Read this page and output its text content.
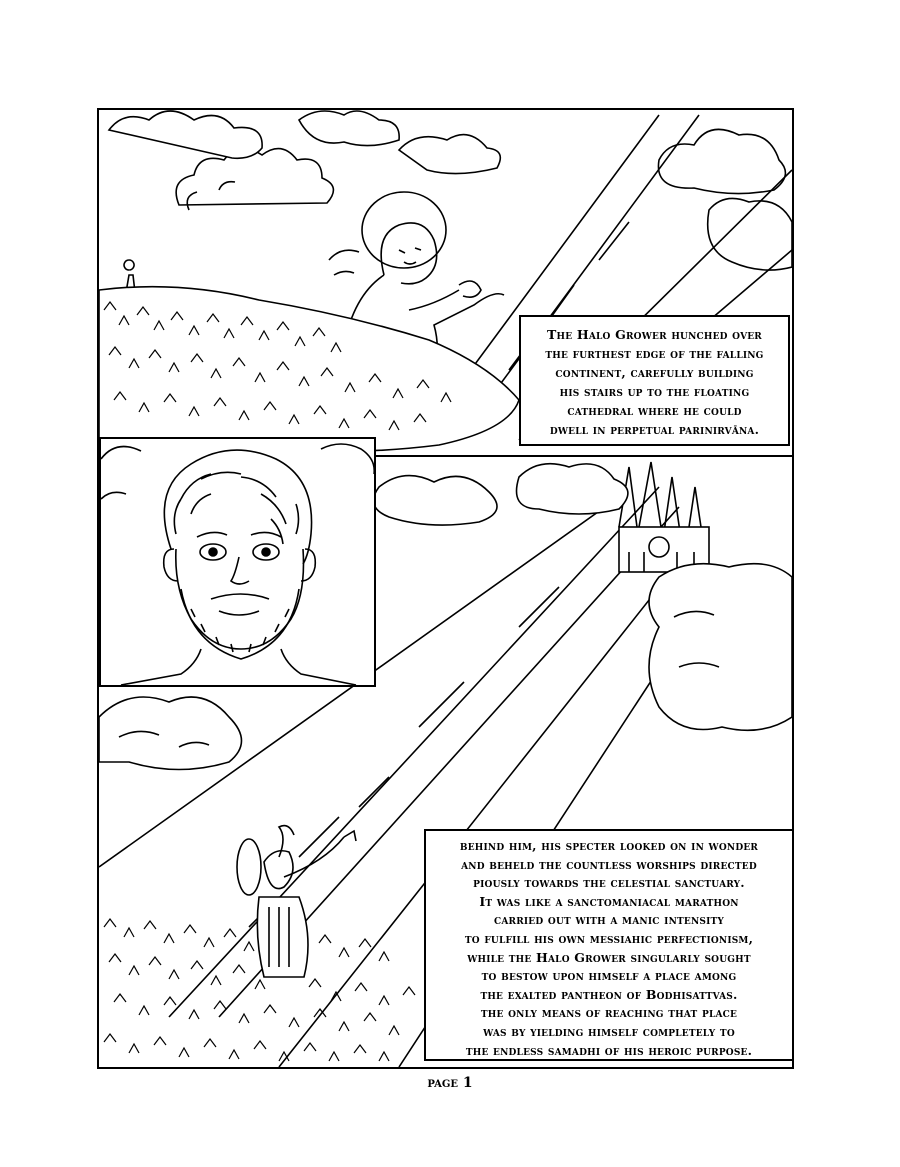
The Halo Grower hunched over

the furthest edge of the falling

continent, carefully building

his stairs up to the floating

cathedral where he could

dwell in perpetual parinirvāna.

behind him, his specter looked on in wonder

and beheld the countless worships directed

piously towards the celestial sanctuary.

It was like a sanctomaniacal marathon

carried out with a manic intensity

to fulfill his own messiahic perfectionism,

while the Halo Grower singularly sought

to bestow upon himself a place among

the exalted pantheon of Bodhisattvas.

the only means of reaching that place

was by yielding himself completely to

the endless samadhi of his heroic purpose.

page 1
